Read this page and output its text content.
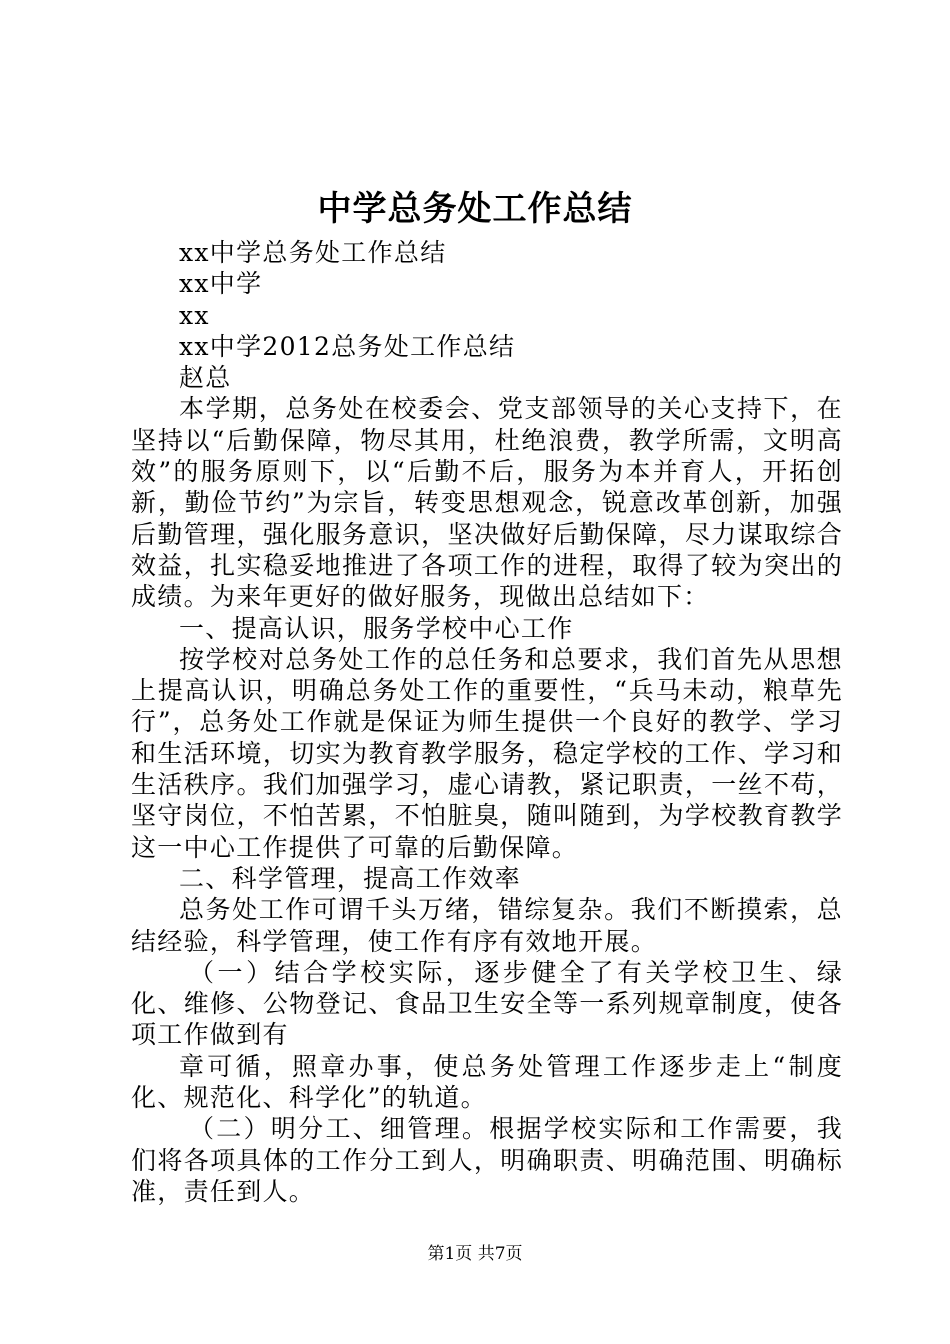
中学总务处工作总结

xx中学总务处工作总结

xx中学

xx

xx中学2012总务处工作总结

赵总

本学期，总务处在校委会、党支部领导的关心支持下，在坚持以“后勤保障，物尽其用，杜绝浪费，教学所需，文明高效”的服务原则下，以“后勤不后，服务为本并育人，开拓创新，勤俭节约”为宗旨，转变思想观念，锐意改革创新，加强后勤管理，强化服务意识，坚决做好后勤保障，尽力谋取综合效益，扎实稳妥地推进了各项工作的进程，取得了较为突出的成绩。为来年更好的做好服务，现做出总结如下：

一、提高认识，服务学校中心工作

按学校对总务处工作的总任务和总要求，我们首先从思想上提高认识，明确总务处工作的重要性，“兵马未动，粮草先行”，总务处工作就是保证为师生提供一个良好的教学、学习和生活环境，切实为教育教学服务，稳定学校的工作、学习和生活秩序。我们加强学习，虚心请教，紧记职责，一丝不苟，坚守岗位，不怕苦累，不怕脏臭，随叫随到，为学校教育教学这一中心工作提供了可靠的后勤保障。

二、科学管理，提高工作效率

总务处工作可谓千头万绪，错综复杂。我们不断摸索，总结经验，科学管理，使工作有序有效地开展。

（一）结合学校实际，逐步健全了有关学校卫生、绿化、维修、公物登记、食品卫生安全等一系列规章制度，使各项工作做到有

章可循，照章办事，使总务处管理工作逐步走上“制度化、规范化、科学化”的轨道。

（二）明分工、细管理。根据学校实际和工作需要，我们将各项具体的工作分工到人，明确职责、明确范围、明确标准，责任到人。

第1页 共7页
